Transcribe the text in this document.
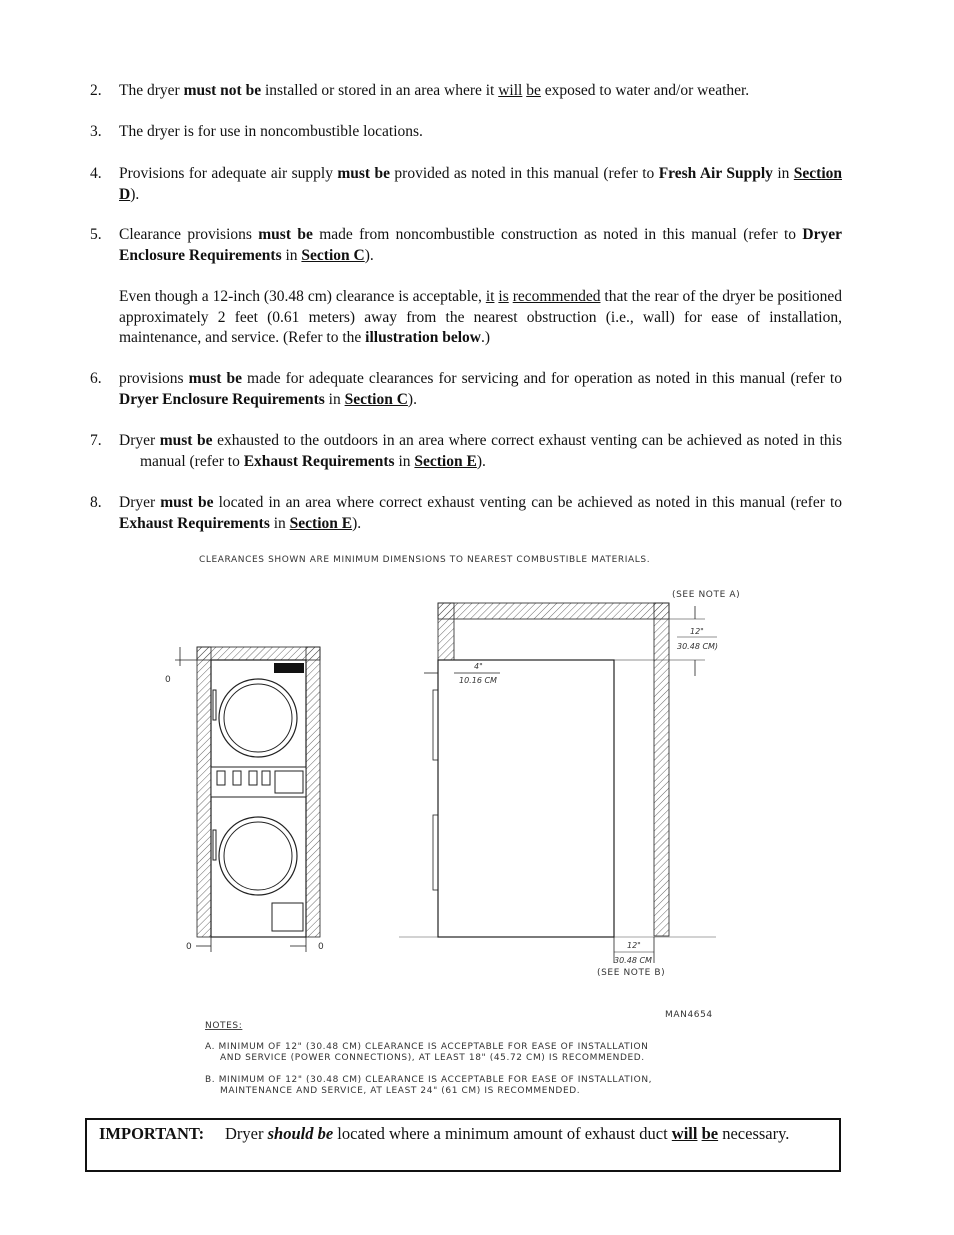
2. The dryer must not be installed or stored in an area where it will be exposed to water and/or weather.
3. The dryer is for use in noncombustible locations.
4. Provisions for adequate air supply must be provided as noted in this manual (refer to Fresh Air Supply in Section D).
5. Clearance provisions must be made from noncombustible construction as noted in this manual (refer to Dryer Enclosure Requirements in Section C).
Even though a 12-inch (30.48 cm) clearance is acceptable, it is recommended that the rear of the dryer be positioned approximately 2 feet (0.61 meters) away from the nearest obstruction (i.e., wall) for ease of installation, maintenance, and service. (Refer to the illustration below.)
6. provisions must be made for adequate clearances for servicing and for operation as noted in this manual (refer to Dryer Enclosure Requirements in Section C).
7. Dryer must be exhausted to the outdoors in an area where correct exhaust venting can be achieved as noted in this manual (refer to Exhaust Requirements in Section E).
8. Dryer must be located in an area where correct exhaust venting can be achieved as noted in this manual (refer to Exhaust Requirements in Section E).
CLEARANCES SHOWN ARE MINIMUM DIMENSIONS TO NEAREST COMBUSTIBLE MATERIALS.
0
0	0
4"
10.16 CM
(SEE NOTE A)
12"
30.48 CM)
12"
30.48 CM
(SEE NOTE B)
MAN4654
NOTES:
A. MINIMUM OF 12" (30.48 CM) CLEARANCE IS ACCEPTABLE FOR EASE OF INSTALLATION
AND SERVICE (POWER CONNECTIONS), AT LEAST 18" (45.72 CM) IS RECOMMENDED.
B. MINIMUM OF 12" (30.48 CM) CLEARANCE IS ACCEPTABLE FOR EASE OF INSTALLATION,
MAINTENANCE AND SERVICE, AT LEAST 24" (61 CM) IS RECOMMENDED.
IMPORTANT: Dryer should be located where a minimum amount of exhaust duct will be necessary.
